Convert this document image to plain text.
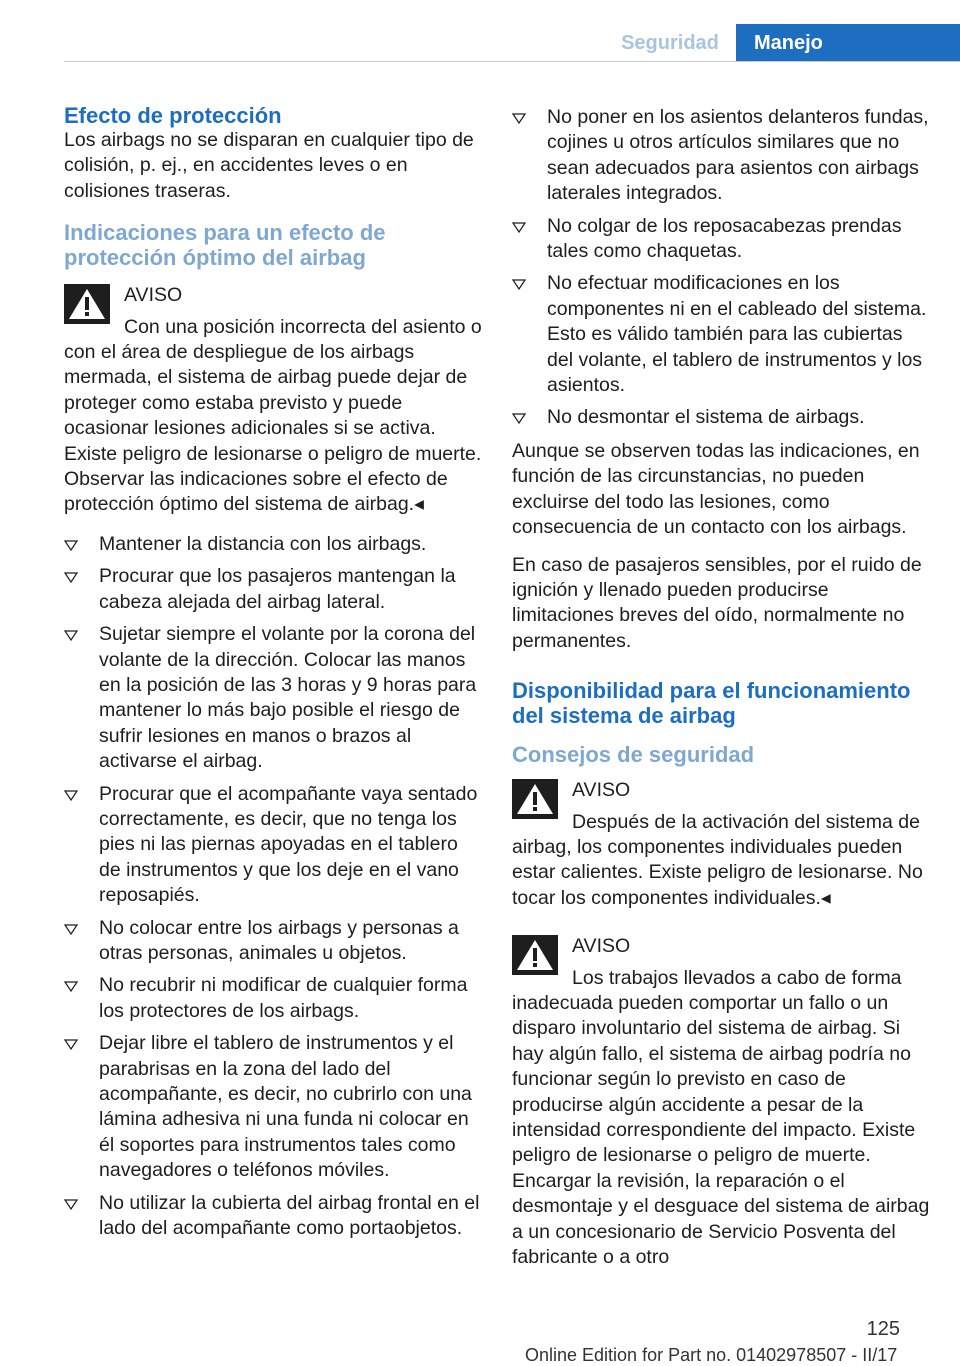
Seguridad	Manejo
Efecto de protección

Los airbags no se disparan en cualquier tipo de colisión, p. ej., en accidentes leves o en colisiones traseras.

Indicaciones para un efecto de protección óptimo del airbag
AVISO
Con una posición incorrecta del asiento o con el área de despliegue de los airbags mermada, el sistema de airbag puede dejar de proteger como estaba previsto y puede ocasionar lesiones adicionales si se activa. Existe peligro de lesionarse o peligro de muerte. Observar las indicaciones sobre el efecto de protección óptimo del sistema de airbag.◂
Mantener la distancia con los airbags.
Procurar que los pasajeros mantengan la cabeza alejada del airbag lateral.
Sujetar siempre el volante por la corona del volante de la dirección. Colocar las manos en la posición de las 3 horas y 9 horas para mantener lo más bajo posible el riesgo de sufrir lesiones en manos o brazos al activarse el airbag.
Procurar que el acompañante vaya sentado correctamente, es decir, que no tenga los pies ni las piernas apoyadas en el tablero de instrumentos y que los deje en el vano reposapiés.
No colocar entre los airbags y personas a otras personas, animales u objetos.
No recubrir ni modificar de cualquier forma los protectores de los airbags.
Dejar libre el tablero de instrumentos y el parabrisas en la zona del lado del acompañante, es decir, no cubrirlo con una lámina adhesiva ni una funda ni colocar en él soportes para instrumentos tales como navegadores o teléfonos móviles.
No utilizar la cubierta del airbag frontal en el lado del acompañante como portaobjetos.
No poner en los asientos delanteros fundas, cojines u otros artículos similares que no sean adecuados para asientos con airbags laterales integrados.
No colgar de los reposacabezas prendas tales como chaquetas.
No efectuar modificaciones en los componentes ni en el cableado del sistema. Esto es válido también para las cubiertas del volante, el tablero de instrumentos y los asientos.
No desmontar el sistema de airbags.

Aunque se observen todas las indicaciones, en función de las circunstancias, no pueden excluirse del todo las lesiones, como consecuencia de un contacto con los airbags.

En caso de pasajeros sensibles, por el ruido de ignición y llenado pueden producirse limitaciones breves del oído, normalmente no permanentes.

Disponibilidad para el funcionamiento del sistema de airbag
Consejos de seguridad
AVISO
Después de la activación del sistema de airbag, los componentes individuales pueden estar calientes. Existe peligro de lesionarse. No tocar los componentes individuales.◂
AVISO
Los trabajos llevados a cabo de forma inadecuada pueden comportar un fallo o un disparo involuntario del sistema de airbag. Si hay algún fallo, el sistema de airbag podría no funcionar según lo previsto en caso de producirse algún accidente a pesar de la intensidad correspondiente del impacto. Existe peligro de lesionarse o peligro de muerte. Encargar la revisión, la reparación o el desmontaje y el desguace del sistema de airbag a un concesionario de Servicio Posventa del fabricante o a otro
125
Online Edition for Part no. 01402978507 - II/17
